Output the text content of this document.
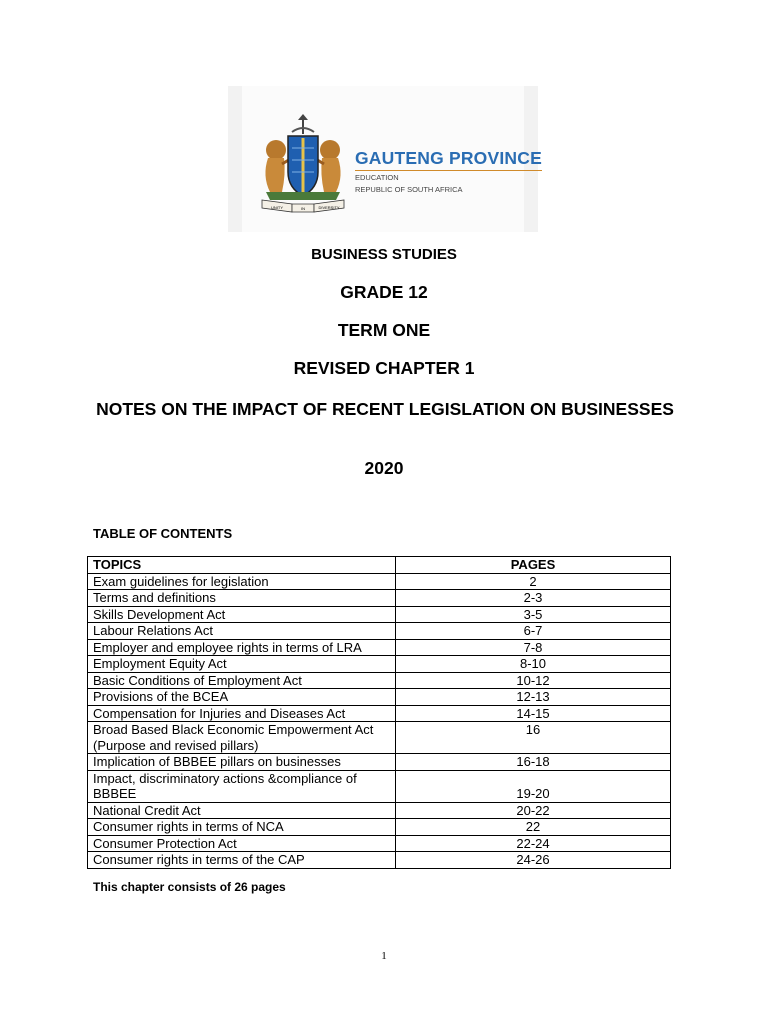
UNITY	IN	DIVERSITY
GAUTENG PROVINCE
EDUCATION
REPUBLIC OF SOUTH AFRICA
BUSINESS STUDIES
GRADE 12
TERM ONE
REVISED CHAPTER 1
NOTES ON THE IMPACT OF RECENT LEGISLATION ON BUSINESSES
2020
TABLE OF CONTENTS
TOPICS	PAGES
Exam guidelines for legislation	2
Terms and definitions	2-3
Skills Development Act	3-5
Labour Relations Act	6-7
Employer and employee rights in terms of LRA	7-8
Employment Equity Act	8-10
Basic Conditions of Employment Act	10-12
Provisions of the BCEA	12-13
Compensation for Injuries and Diseases Act	14-15
Broad Based Black Economic Empowerment Act (Purpose and revised pillars)	16
Implication of BBBEE pillars on businesses	16-18
Impact, discriminatory actions &compliance of BBBEE	19-20
National Credit Act	20-22
Consumer rights in terms of NCA	22
Consumer Protection Act	22-24
Consumer rights in terms of the CAP	24-26
This chapter consists of 26 pages
1
